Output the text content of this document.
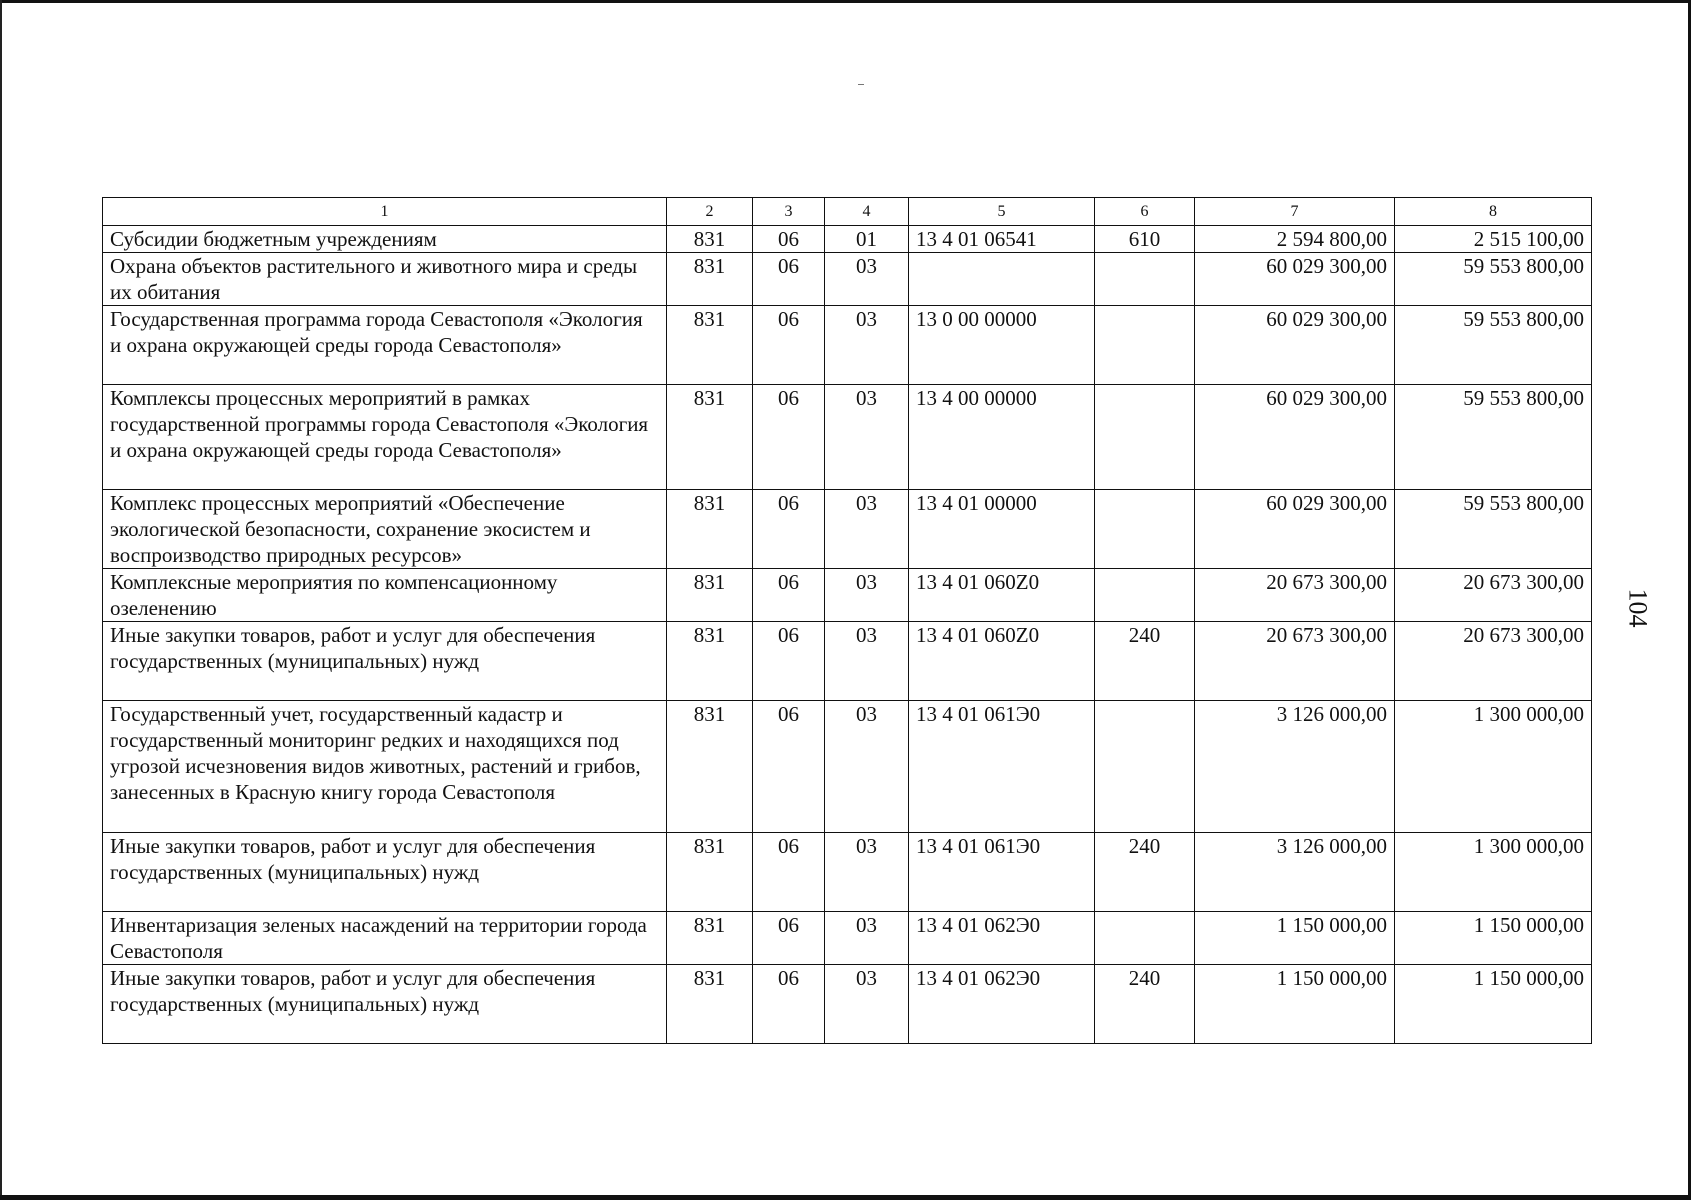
104
1	2	3	4	5	6	7	8
Субсидии бюджетным учреждениям	831	06	01	13 4 01 06541	610	2 594 800,00	2 515 100,00
Охрана объектов растительного и животного мира и среды их обитания	831	06	03			60 029 300,00	59 553 800,00
Государственная программа города Севастополя «Экология и охрана окружающей среды города Севастополя»	831	06	03	13 0 00 00000		60 029 300,00	59 553 800,00
Комплексы процессных мероприятий в рамках государственной программы города Севастополя «Экология и охрана окружающей среды города Севастополя»	831	06	03	13 4 00 00000		60 029 300,00	59 553 800,00
Комплекс процессных мероприятий «Обеспечение экологической безопасности, сохранение экосистем и воспроизводство природных ресурсов»	831	06	03	13 4 01 00000		60 029 300,00	59 553 800,00
Комплексные мероприятия по компенсационному озеленению	831	06	03	13 4 01 060Z0		20 673 300,00	20 673 300,00
Иные закупки товаров, работ и услуг для обеспечения государственных (муниципальных) нужд	831	06	03	13 4 01 060Z0	240	20 673 300,00	20 673 300,00
Государственный учет, государственный кадастр и государственный мониторинг редких и находящихся под угрозой исчезновения видов животных, растений и грибов, занесенных в Красную книгу города Севастополя	831	06	03	13 4 01 061Э0		3 126 000,00	1 300 000,00
Иные закупки товаров, работ и услуг для обеспечения государственных (муниципальных) нужд	831	06	03	13 4 01 061Э0	240	3 126 000,00	1 300 000,00
Инвентаризация зеленых насаждений на территории города Севастополя	831	06	03	13 4 01 062Э0		1 150 000,00	1 150 000,00
Иные закупки товаров, работ и услуг для обеспечения государственных (муниципальных) нужд	831	06	03	13 4 01 062Э0	240	1 150 000,00	1 150 000,00
